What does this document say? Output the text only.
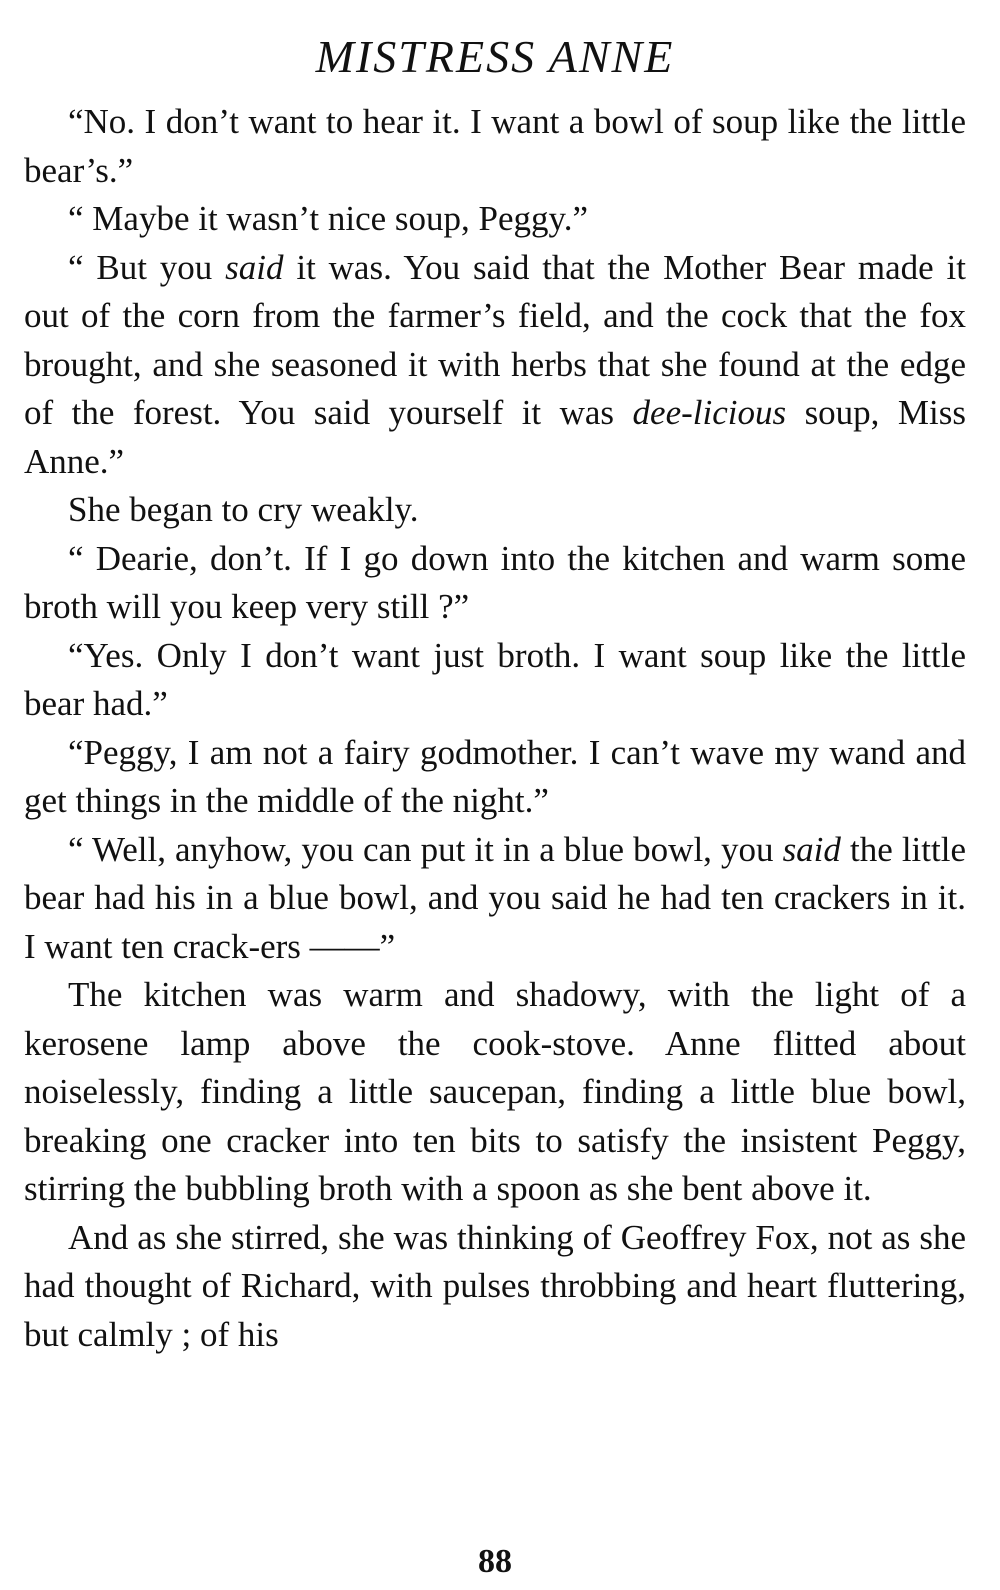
MISTRESS ANNE

“No. I don’t want to hear it. I want a bowl of soup like the little bear’s.”

“ Maybe it wasn’t nice soup, Peggy.”

“ But you said it was. You said that the Mother Bear made it out of the corn from the farmer’s field, and the cock that the fox brought, and she seasoned it with herbs that she found at the edge of the forest. You said yourself it was dee-licious soup, Miss Anne.”

She began to cry weakly.

“ Dearie, don’t. If I go down into the kitchen and warm some broth will you keep very still ?”

“Yes. Only I don’t want just broth. I want soup like the little bear had.”

“Peggy, I am not a fairy godmother. I can’t wave my wand and get things in the middle of the night.”

“ Well, anyhow, you can put it in a blue bowl, you said the little bear had his in a blue bowl, and you said he had ten crackers in it. I want ten crack-ers ——”

The kitchen was warm and shadowy, with the light of a kerosene lamp above the cook-stove. Anne flitted about noiselessly, finding a little saucepan, finding a little blue bowl, breaking one cracker into ten bits to satisfy the insistent Peggy, stirring the bubbling broth with a spoon as she bent above it.

And as she stirred, she was thinking of Geoffrey Fox, not as she had thought of Richard, with pulses throbbing and heart fluttering, but calmly ; of his

88
